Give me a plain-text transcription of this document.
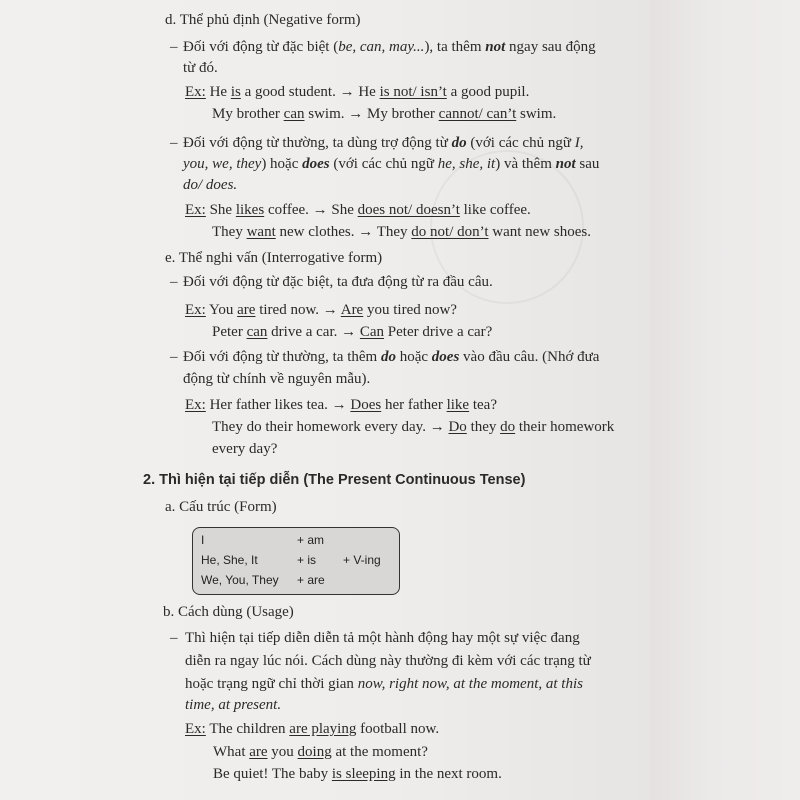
d. Thể phủ định (Negative form)
– Đối với động từ đặc biệt (be, can, may...), ta thêm not ngay sau động
từ đó.
Ex: He is a good student. → He is not/ isn’t a good pupil.
My brother can swim. → My brother cannot/ can’t swim.
– Đối với động từ thường, ta dùng trợ động từ do (với các chủ ngữ I,
you, we, they) hoặc does (với các chủ ngữ he, she, it) và thêm not sau
do/ does.
Ex: She likes coffee. → She does not/ doesn’t like coffee.
They want new clothes. → They do not/ don’t want new shoes.
e. Thể nghi vấn (Interrogative form)
– Đối với động từ đặc biệt, ta đưa động từ ra đầu câu.
Ex: You are tired now. → Are you tired now?
Peter can drive a car. → Can Peter drive a car?
– Đối với động từ thường, ta thêm do hoặc does vào đầu câu. (Nhớ đưa
động từ chính về nguyên mẫu).
Ex: Her father likes tea. → Does her father like tea?
They do their homework every day. → Do they do their homework
every day?
2. Thì hiện tại tiếp diễn (The Present Continuous Tense)
a. Cấu trúc (Form)
I
He, She, It
We, You, They
+ am
+ is
+ are
+ V-ing
b. Cách dùng (Usage)
– Thì hiện tại tiếp diễn diễn tả một hành động hay một sự việc đang
diễn ra ngay lúc nói. Cách dùng này thường đi kèm với các trạng từ
hoặc trạng ngữ chỉ thời gian now, right now, at the moment, at this
time, at present.
Ex: The children are playing football now.
What are you doing at the moment?
Be quiet! The baby is sleeping in the next room.
